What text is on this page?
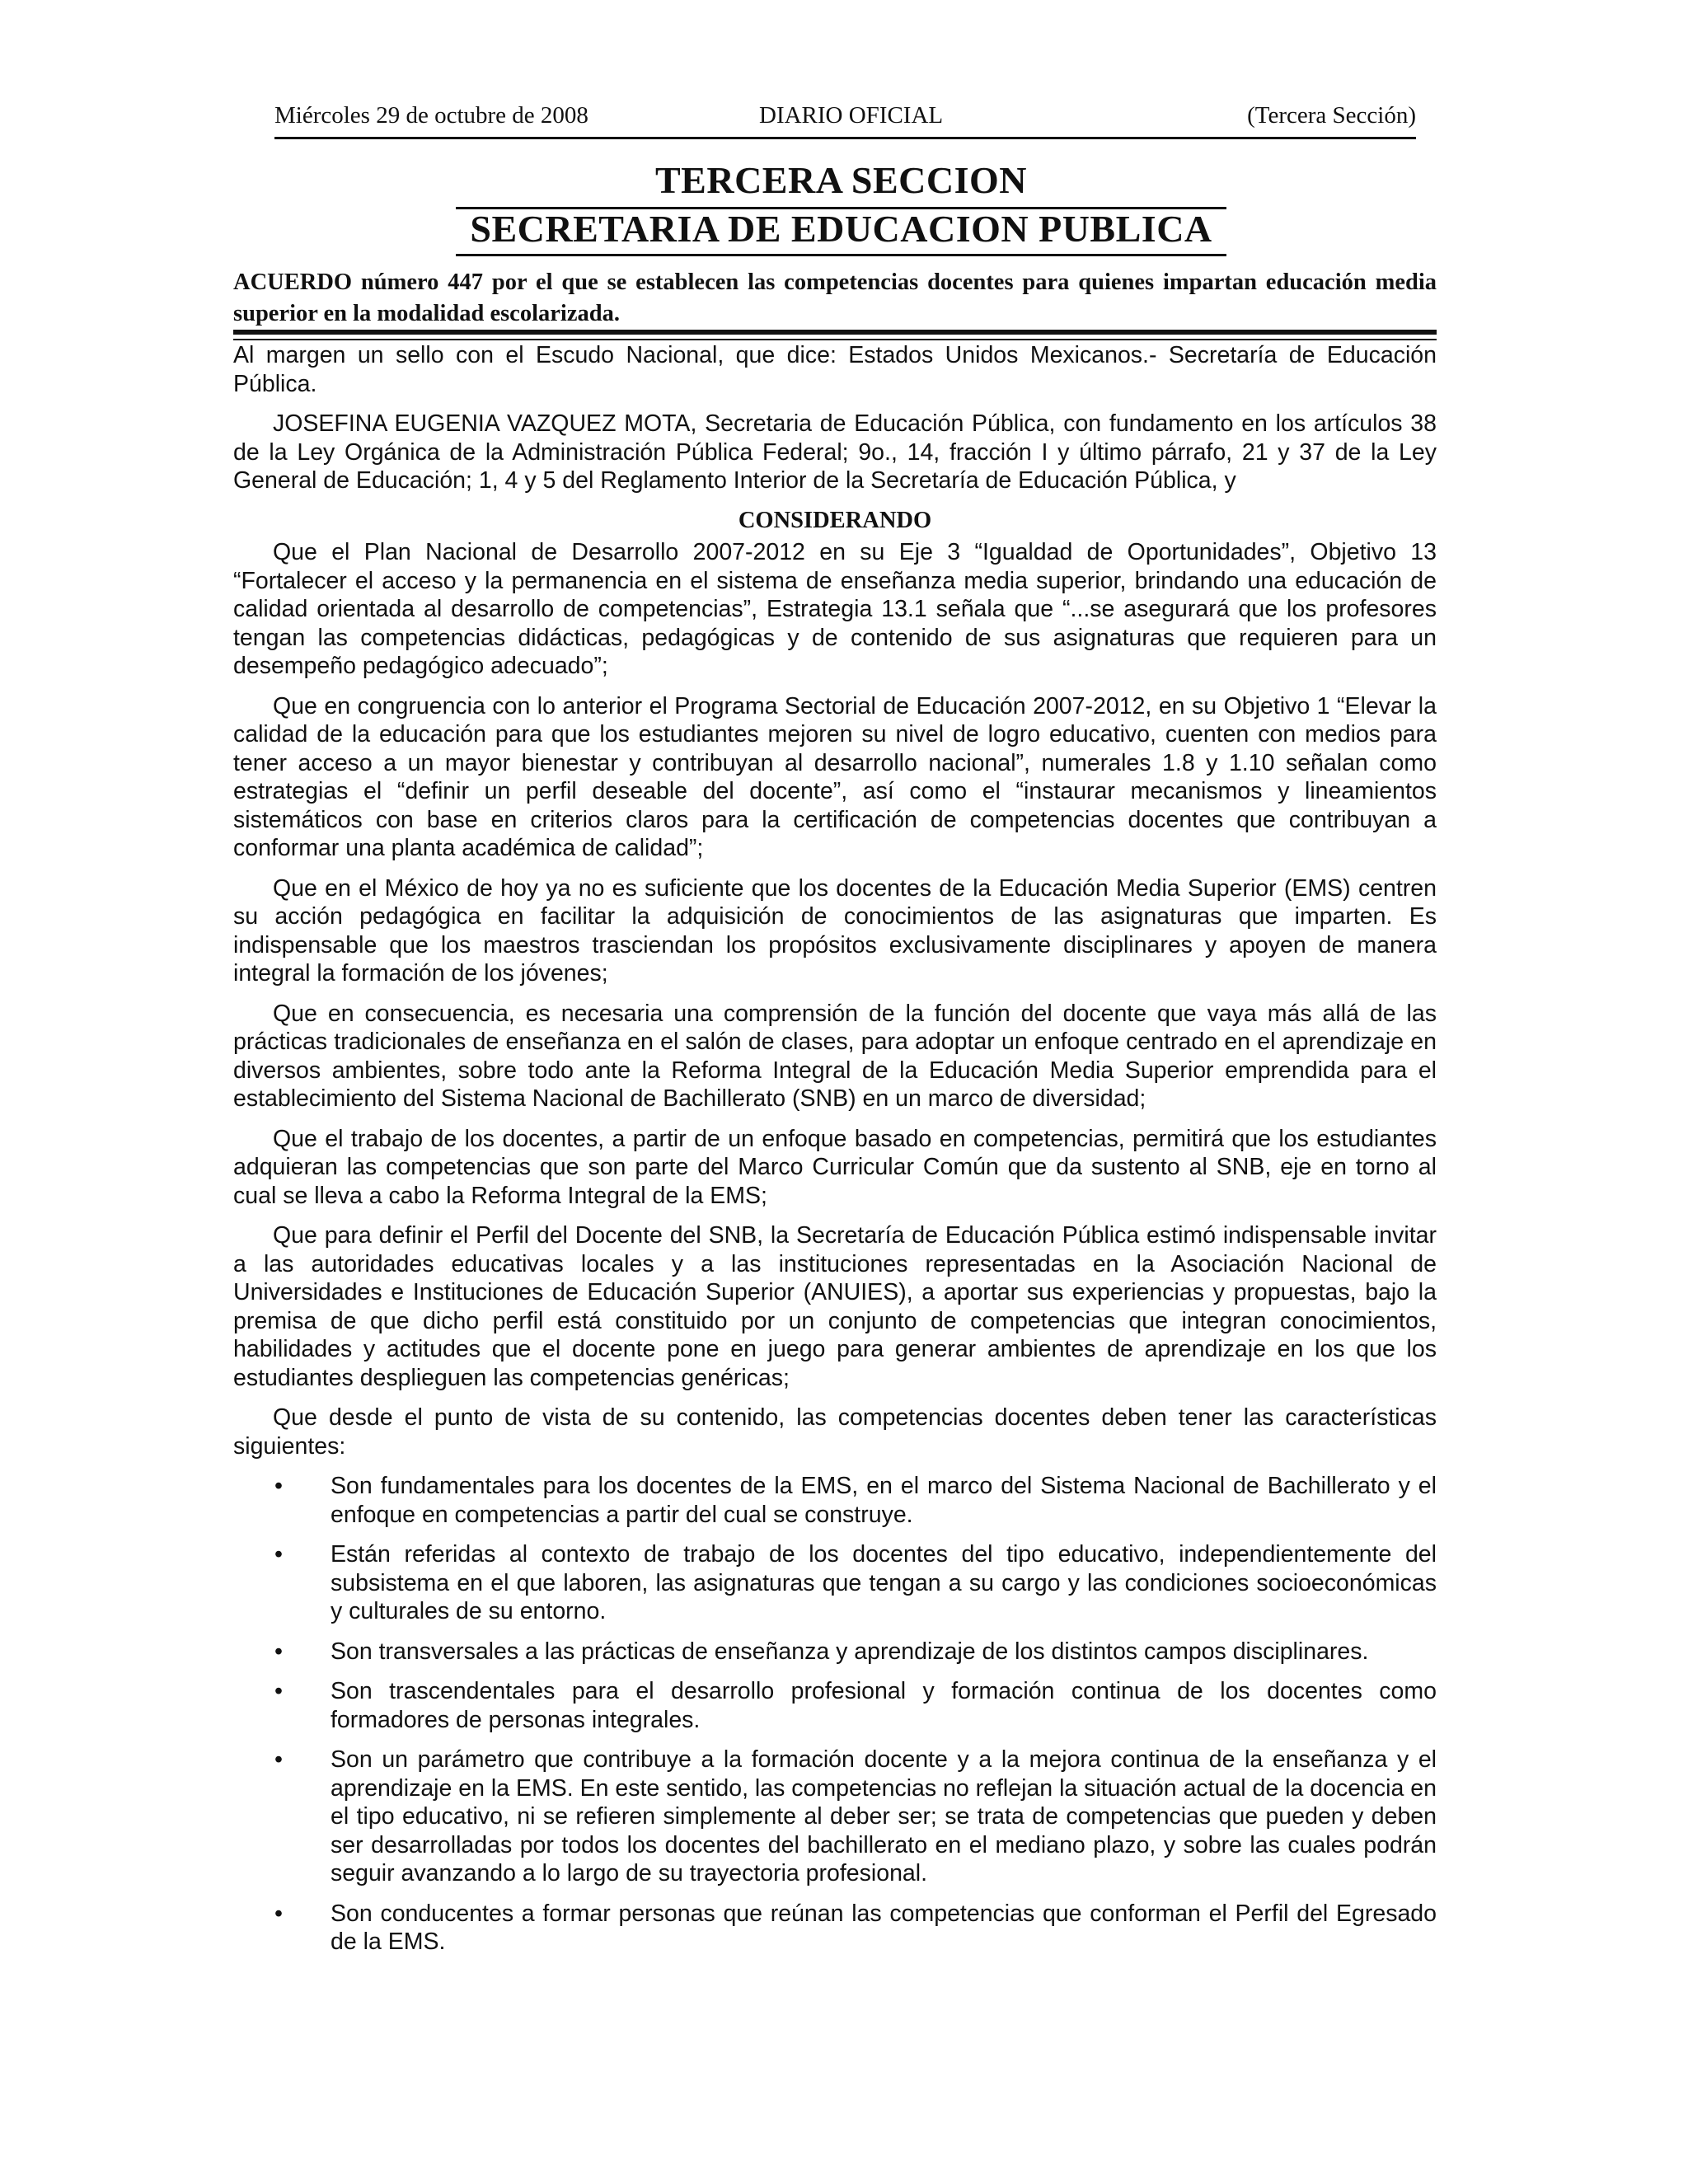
Miércoles 29 de octubre de 2008	DIARIO OFICIAL	(Tercera Sección)
TERCERA SECCION
SECRETARIA DE EDUCACION PUBLICA
ACUERDO número 447 por el que se establecen las competencias docentes para quienes impartan educación media superior en la modalidad escolarizada.

Al margen un sello con el Escudo Nacional, que dice: Estados Unidos Mexicanos.- Secretaría de Educación Pública.

JOSEFINA EUGENIA VAZQUEZ MOTA, Secretaria de Educación Pública, con fundamento en los artículos 38 de la Ley Orgánica de la Administración Pública Federal; 9o., 14, fracción I y último párrafo, 21 y 37 de la Ley General de Educación; 1, 4 y 5 del Reglamento Interior de la Secretaría de Educación Pública, y

CONSIDERANDO

Que el Plan Nacional de Desarrollo 2007-2012 en su Eje 3 “Igualdad de Oportunidades”, Objetivo 13 “Fortalecer el acceso y la permanencia en el sistema de enseñanza media superior, brindando una educación de calidad orientada al desarrollo de competencias”, Estrategia 13.1 señala que “...se asegurará que los profesores tengan las competencias didácticas, pedagógicas y de contenido de sus asignaturas que requieren para un desempeño pedagógico adecuado”;

Que en congruencia con lo anterior el Programa Sectorial de Educación 2007-2012, en su Objetivo 1 “Elevar la calidad de la educación para que los estudiantes mejoren su nivel de logro educativo, cuenten con medios para tener acceso a un mayor bienestar y contribuyan al desarrollo nacional”, numerales 1.8 y 1.10 señalan como estrategias el “definir un perfil deseable del docente”, así como el “instaurar mecanismos y lineamientos sistemáticos con base en criterios claros para la certificación de competencias docentes que contribuyan a conformar una planta académica de calidad”;

Que en el México de hoy ya no es suficiente que los docentes de la Educación Media Superior (EMS) centren su acción pedagógica en facilitar la adquisición de conocimientos de las asignaturas que imparten. Es indispensable que los maestros trasciendan los propósitos exclusivamente disciplinares y apoyen de manera integral la formación de los jóvenes;

Que en consecuencia, es necesaria una comprensión de la función del docente que vaya más allá de las prácticas tradicionales de enseñanza en el salón de clases, para adoptar un enfoque centrado en el aprendizaje en diversos ambientes, sobre todo ante la Reforma Integral de la Educación Media Superior emprendida para el establecimiento del Sistema Nacional de Bachillerato (SNB) en un marco de diversidad;

Que el trabajo de los docentes, a partir de un enfoque basado en competencias, permitirá que los estudiantes adquieran las competencias que son parte del Marco Curricular Común que da sustento al SNB, eje en torno al cual se lleva a cabo la Reforma Integral de la EMS;

Que para definir el Perfil del Docente del SNB, la Secretaría de Educación Pública estimó indispensable invitar a las autoridades educativas locales y a las instituciones representadas en la Asociación Nacional de Universidades e Instituciones de Educación Superior (ANUIES), a aportar sus experiencias y propuestas, bajo la premisa de que dicho perfil está constituido por un conjunto de competencias que integran conocimientos, habilidades y actitudes que el docente pone en juego para generar ambientes de aprendizaje en los que los estudiantes desplieguen las competencias genéricas;

Que desde el punto de vista de su contenido, las competencias docentes deben tener las características siguientes:

• Son fundamentales para los docentes de la EMS, en el marco del Sistema Nacional de Bachillerato y el enfoque en competencias a partir del cual se construye.
• Están referidas al contexto de trabajo de los docentes del tipo educativo, independientemente del subsistema en el que laboren, las asignaturas que tengan a su cargo y las condiciones socioeconómicas y culturales de su entorno.
• Son transversales a las prácticas de enseñanza y aprendizaje de los distintos campos disciplinares.
• Son trascendentales para el desarrollo profesional y formación continua de los docentes como formadores de personas integrales.
• Son un parámetro que contribuye a la formación docente y a la mejora continua de la enseñanza y el aprendizaje en la EMS. En este sentido, las competencias no reflejan la situación actual de la docencia en el tipo educativo, ni se refieren simplemente al deber ser; se trata de competencias que pueden y deben ser desarrolladas por todos los docentes del bachillerato en el mediano plazo, y sobre las cuales podrán seguir avanzando a lo largo de su trayectoria profesional.
• Son conducentes a formar personas que reúnan las competencias que conforman el Perfil del Egresado de la EMS.
